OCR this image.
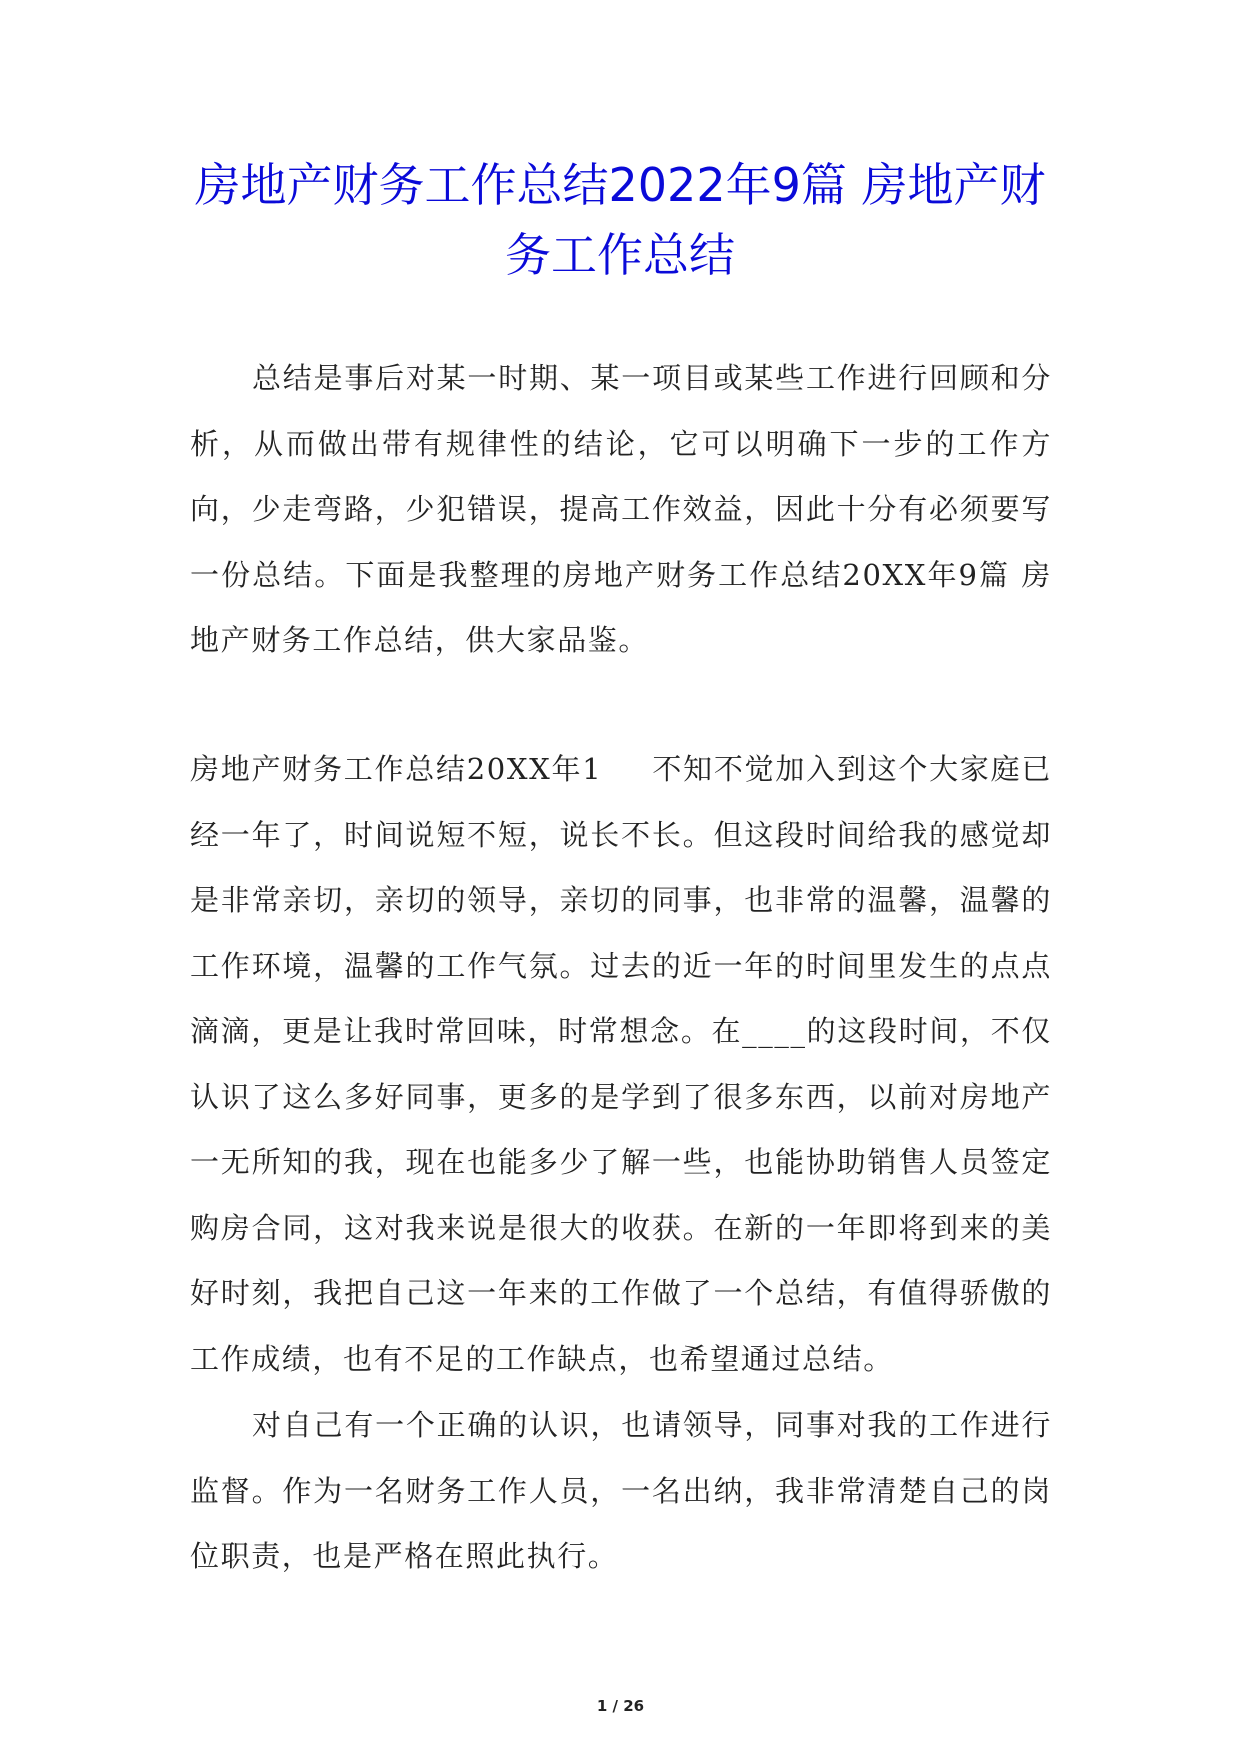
房地产财务工作总结2022年9篇 房地产财务工作总结

总结是事后对某一时期、某一项目或某些工作进行回顾和分析，从而做出带有规律性的结论，它可以明确下一步的工作方向，少走弯路，少犯错误，提高工作效益，因此十分有必须要写一份总结。下面是我整理的房地产财务工作总结20XX年9篇 房地产财务工作总结，供大家品鉴。

房地产财务工作总结20XX年1 不知不觉加入到这个大家庭已经一年了，时间说短不短，说长不长。但这段时间给我的感觉却是非常亲切，亲切的领导，亲切的同事，也非常的温馨，温馨的工作环境，温馨的工作气氛。过去的近一年的时间里发生的点点滴滴，更是让我时常回味，时常想念。在____的这段时间，不仅认识了这么多好同事，更多的是学到了很多东西，以前对房地产一无所知的我，现在也能多少了解一些，也能协助销售人员签定购房合同，这对我来说是很大的收获。在新的一年即将到来的美好时刻，我把自己这一年来的工作做了一个总结，有值得骄傲的工作成绩，也有不足的工作缺点，也希望通过总结。

对自己有一个正确的认识，也请领导，同事对我的工作进行监督。作为一名财务工作人员，一名出纳，我非常清楚自己的岗位职责，也是严格在照此执行。

1 / 26
